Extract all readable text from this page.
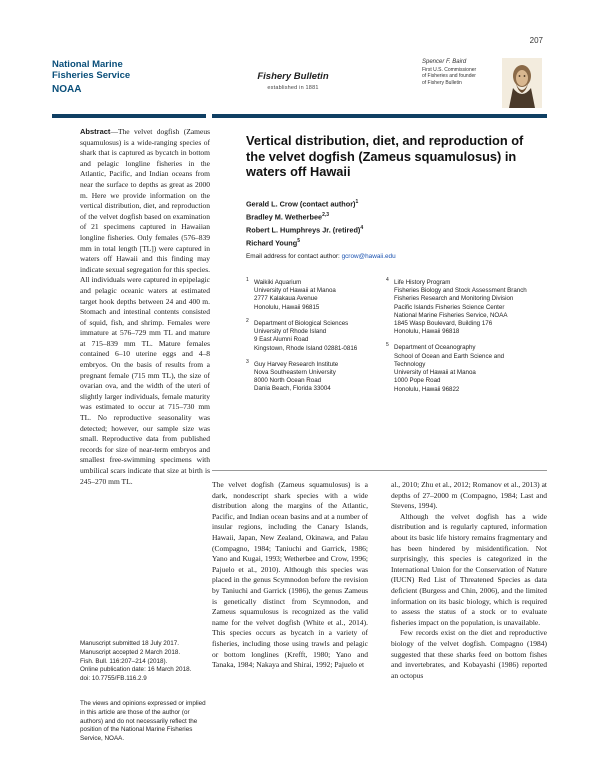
207
National Marine
Fisheries Service
NOAA
Fishery Bulletin
established in 1881
Spencer F. Baird
First U.S. Commissioner
of Fisheries and founder
of Fishery Bulletin
Abstract—The velvet dogfish (Zameus squamulosus) is a wide-ranging species of shark that is captured as bycatch in bottom and pelagic longline fisheries in the Atlantic, Pacific, and Indian oceans from near the surface to depths as great as 2000 m. Here we provide information on the vertical distribution, diet, and reproduction of the velvet dogfish based on examination of 21 specimens captured in Hawaiian longline fisheries. Only females (576–839 mm in total length [TL]) were captured in waters off Hawaii and this finding may indicate sexual segregation for this species. All individuals were captured in epipelagic and pelagic oceanic waters at estimated target hook depths between 24 and 400 m. Stomach and intestinal contents consisted of squid, fish, and shrimp. Females were immature at 576–729 mm TL and mature at 715–839 mm TL. Mature females contained 6–10 uterine eggs and 4–8 embryos. On the basis of results from a pregnant female (715 mm TL), the size of ovarian ova, and the width of the uteri of slightly larger individuals, female maturity was estimated to occur at 715–730 mm TL. No reproductive seasonality was detected; however, our sample size was small. Reproductive data from published records for size of near-term embryos and smallest free-swimming specimens with umbilical scars indicate that size at birth is 245–270 mm TL.
Manuscript submitted 18 July 2017.
Manuscript accepted 2 March 2018.
Fish. Bull. 116:207–214 (2018).
Online publication date: 16 March 2018.
doi: 10.7755/FB.116.2.9
The views and opinions expressed or implied in this article are those of the author (or authors) and do not necessarily reflect the position of the National Marine Fisheries Service, NOAA.
Vertical distribution, diet, and reproduction of the velvet dogfish (Zameus squamulosus) in waters off Hawaii
Gerald L. Crow (contact author)$^1$
Bradley M. Wetherbee$^{2,3}$
Robert L. Humphreys Jr. (retired)$^4$
Richard Young$^5$
Email address for contact author: gcrow@hawaii.edu
$^1$ Waikiki Aquarium
University of Hawaii at Manoa
2777 Kalakaua Avenue
Honolulu, Hawaii 96815
$^2$ Department of Biological Sciences
University of Rhode Island
9 East Alumni Road
Kingstown, Rhode Island 02881-0816
$^3$ Guy Harvey Research Institute
Nova Southeastern University
8000 North Ocean Road
Dania Beach, Florida 33004
$^4$ Life History Program
Fisheries Biology and Stock Assessment Branch
Fisheries Research and Monitoring Division
Pacific Islands Fisheries Science Center
National Marine Fisheries Service, NOAA
1845 Wasp Boulevard, Building 176
Honolulu, Hawaii 96818
$^5$ Department of Oceanography
School of Ocean and Earth Science and
Technology
University of Hawaii at Manoa
1000 Pope Road
Honolulu, Hawaii 96822

The velvet dogfish (Zameus squamulosus) is a dark, nondescript shark species with a wide distribution along the margins of the Atlantic, Pacific, and Indian ocean basins and at a number of insular regions, including the Canary Islands, Hawaii, Japan, New Zealand, Okinawa, and Palau (Compagno, 1984; Taniuchi and Garrick, 1986; Yano and Kugai, 1993; Wetherbee and Crow, 1996; Pajuelo et al., 2010). Although this species was placed in the genus Scymnodon before the revision by Taniuchi and Garrick (1986), the genus Zameus is genetically distinct from Scymnodon, and Zameus squamulosus is recognized as the valid name for the velvet dogfish (White et al., 2014). This species occurs as bycatch in a variety of fisheries, including those using trawls and pelagic or bottom longlines (Krefft, 1980; Yano and Tanaka, 1984; Nakaya and Shirai, 1992; Pajuelo et

al., 2010; Zhu et al., 2012; Romanov et al., 2013) at depths of 27–2000 m (Compagno, 1984; Last and Stevens, 1994).

Although the velvet dogfish has a wide distribution and is regularly captured, information about its basic life history remains fragmentary and has been hindered by misidentification. Not surprisingly, this species is categorized in the International Union for the Conservation of Nature (IUCN) Red List of Threatened Species as data deficient (Burgess and Chin, 2006), and the limited information on its basic biology, which is required to assess the status of a stock or to evaluate fisheries impact on the population, is unavailable.

Few records exist on the diet and reproductive biology of the velvet dogfish. Compagno (1984) suggested that these sharks feed on bottom fishes and invertebrates, and Kobayashi (1986) reported an octopus
